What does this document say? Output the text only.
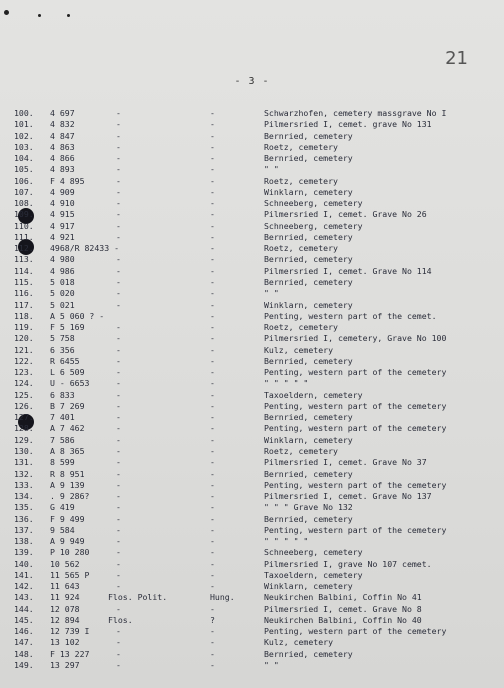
21
- 3 -
100. 4 697	-	-	Schwarzhofen, cemetery massgrave No I
101. 4 832	-	-	Pilmersried I, cemet. grave No 131
102. 4 847	-	-	Bernried, cemetery
103. 4 863	-	-	Roetz, cemetery
104. 4 866	-	-	Bernried, cemetery
105. 4 893	-	-	" "
106. F 4 895	-	-	Roetz, cemetery
107. 4 909	-	-	Winklarn, cemetery
108. 4 910	-	-	Schneeberg, cemetery
109. 4 915	-	-	Pilmersried I, cemet. Grave No 26
110. 4 917	-	-	Schneeberg, cemetery
111. 4 921	-	-	Bernried, cemetery
112. 4968/R 82433 -	-	Roetz, cemetery
113. 4 980	-	-	Bernried, cemetery
114. 4 986	-	-	Pilmersried I, cemet. Grave No 114
115. 5 018	-	-	Bernried, cemetery
116. 5 020	-	-	" "
117. 5 021	-	-	Winklarn, cemetery
118. A 5 060 ? -	-	Penting, western part of the cemet.
119. F 5 169	-	-	Roetz, cemetery
120. 5 758	-	-	Pilmersried I, cemetery, Grave No 100
121. 6 356	-	-	Kulz, cemetery
122. R 6455	-	-	Bernried, cemetery
123. L 6 509	-	-	Penting, western part of the cemetery
124. U - 6653	-	-	" " " " "
125. 6 833	-	-	Taxoeldern, cemetery
126. B 7 269	-	-	Penting, western part of the cemetery
127. 7 401	-	-	Bernried, cemetery
128. A 7 462	-	-	Penting, western part of the cemetery
129. 7 586	-	-	Winklarn, cemetery
130. A 8 365	-	-	Roetz, cemetery
131. 8 599	-	-	Pilmersried I, cemet. Grave No 37
132. R 8 951	-	-	Bernried, cemetery
133. A 9 139	-	-	Penting, western part of the cemetery
134. . 9 286?	-	-	Pilmersried I, cemet. Grave No 137
135. G 419	-	-	" " " Grave No 132
136. F 9 499	-	-	Bernried, cemetery
137. 9 584	-	-	Penting, western part of the cemetery
138. A 9 949	-	-	" " " " "
139. P 10 280	-	-	Schneeberg, cemetery
140. 10 562	-	-	Pilmersried I, grave No 107 cemet.
141. 11 565 P	-	-	Taxoeldern, cemetery
142. 11 643	-	-	Winklarn, cemetery
143. 11 924	Flos. Polit.	Hung.	Neukirchen Balbini, Coffin No 41
144. 12 078	-	-	Pilmersried I, cemet. Grave No 8
145. 12 894	Flos.	?	Neukirchen Balbini, Coffin No 40
146. 12 739 I	-	-	Penting, western part of the cemetery
147. 13 102	-	-	Kulz, cemetery
148. F 13 227	-	-	Bernried, cemetery
149. 13 297	-	-	" "
